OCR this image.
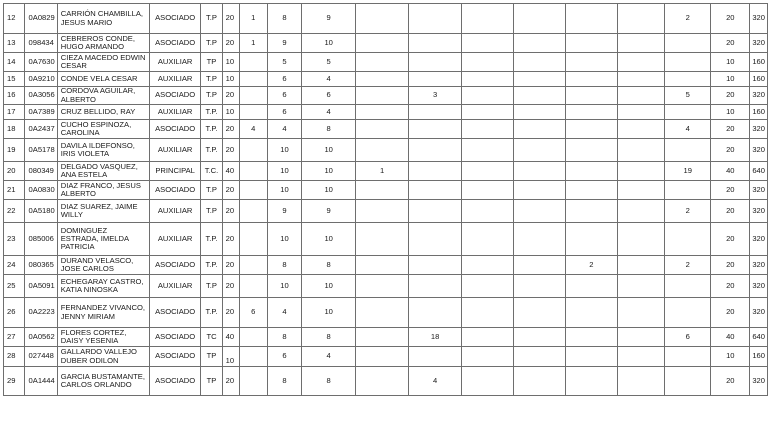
12	0A0829	CARRIÓN CHAMBILLA, JESUS MARIO	ASOCIADO	T.P	20	1	8	9							2	20	320
13	098434	CEBREROS CONDE, HUGO ARMANDO	ASOCIADO	T.P	20	1	9	10								20	320
14	0A7630	CIEZA MACEDO EDWIN CESAR	AUXILIAR	TP	10		5	5								10	160
15	0A9210	CONDE VELA CESAR	AUXILIAR	T.P	10		6	4								10	160
16	0A3056	CORDOVA AGUILAR, ALBERTO	ASOCIADO	T.P	20		6	6		3					5	20	320
17	0A7389	CRUZ BELLIDO, RAY	AUXILIAR	T.P.	10		6	4								10	160
18	0A2437	CUCHO ESPINOZA, CAROLINA	ASOCIADO	T.P.	20	4	4	8							4	20	320
19	0A5178	DAVILA ILDEFONSO, IRIS VIOLETA	AUXILIAR	T.P.	20		10	10								20	320
20	080349	DELGADO VASQUEZ, ANA ESTELA	PRINCIPAL	T.C.	40		10	10	1						19	40	640
21	0A0830	DIAZ FRANCO, JESUS ALBERTO	ASOCIADO	T.P	20		10	10								20	320
22	0A5180	DIAZ SUAREZ, JAIME WILLY	AUXILIAR	T.P	20		9	9							2	20	320
23	085006	DOMINGUEZ ESTRADA, IMELDA PATRICIA	AUXILIAR	T.P.	20		10	10								20	320
24	080365	DURAND VELASCO, JOSE CARLOS	ASOCIADO	T.P.	20		8	8					2		2	20	320
25	0A5091	ECHEGARAY CASTRO, KATIA NINOSKA	AUXILIAR	T.P	20		10	10								20	320
26	0A2223	FERNANDEZ VIVANCO, JENNY MIRIAM	ASOCIADO	T.P.	20	6	4	10								20	320
27	0A0562	FLORES CORTEZ, DAISY YESENIA	ASOCIADO	TC	40		8	8		18					6	40	640
28	027448	GALLARDO VALLEJO DUBER ODILON	ASOCIADO	TP	10		6	4								10	160
29	0A1444	GARCIA BUSTAMANTE, CARLOS ORLANDO	ASOCIADO	TP	20		8	8		4						20	320
